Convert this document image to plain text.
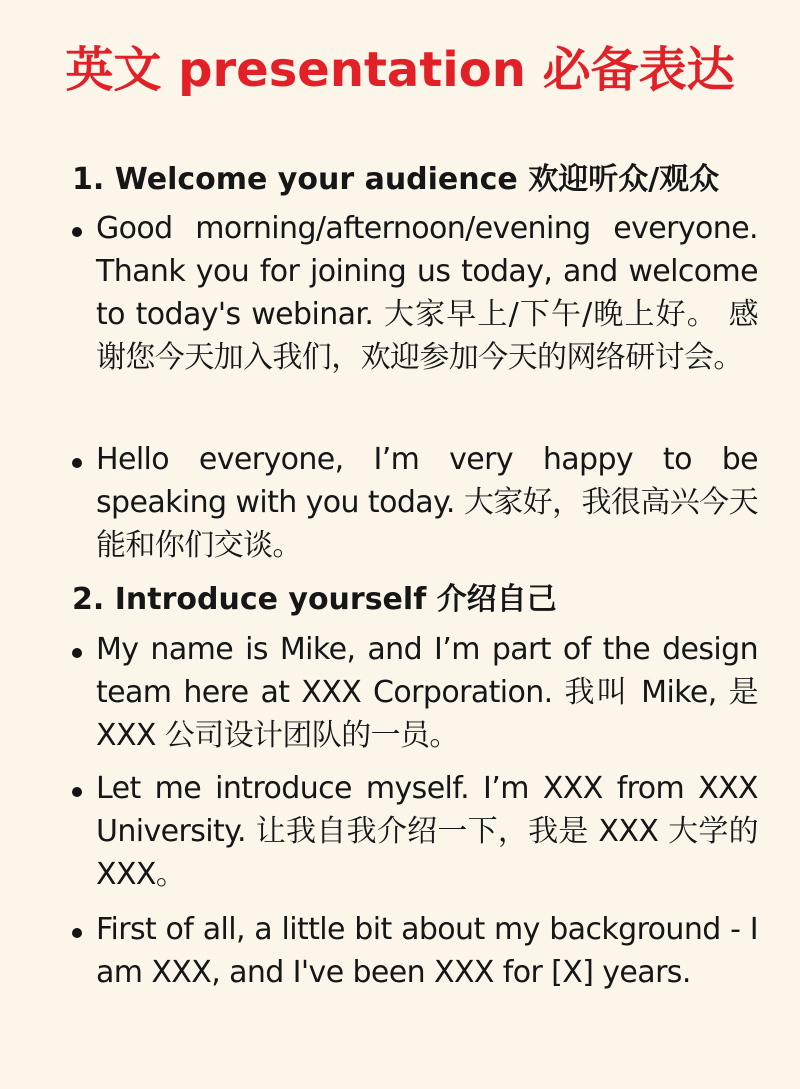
英文 presentation 必备表达
1. Welcome your audience 欢迎听众/观众
Good morning/afternoon/evening everyone. Thank you for joining us today, and welcome to today's webinar. 大家早上/下午/晚上好。 感谢您今天加入我们，欢迎参加今天的网络研讨会。
Hello everyone, I’m very happy to be speaking with you today. 大家好，我很高兴今天能和你们交谈。
2. Introduce yourself 介绍自己
My name is Mike, and I’m part of the design team here at XXX Corporation. 我叫 Mike, 是 XXX 公司设计团队的一员。
Let me introduce myself. I’m XXX from XXX University. 让我自我介绍一下，我是 XXX 大学的 XXX。
First of all, a little bit about my background - I am XXX, and I've been XXX for [X] years.
